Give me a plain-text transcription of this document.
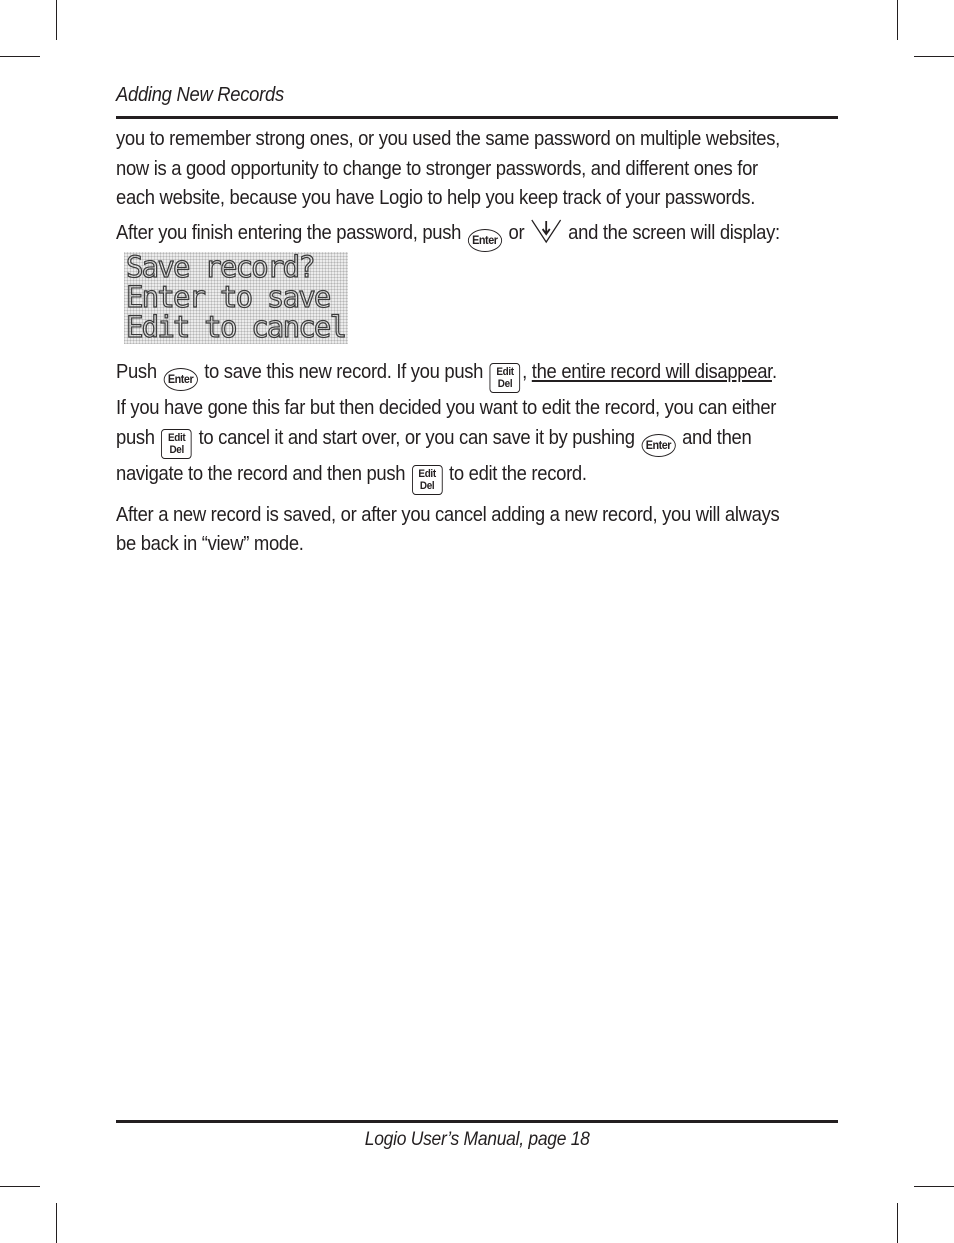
Adding New Records

you to remember strong ones, or you used the same password on multiple websites,
now is a good opportunity to change to stronger passwords, and different ones for
each website, because you have Logio to help you keep track of your passwords.

After you finish entering the password, push Enter or and the screen will display:

Save record?
Enter to save
Edit to cancel

Push Enter to save this new record. If you push	Edit
Del
, the entire record will disappear.
If you have gone this far but then decided you want to edit the record, you can either
push	Edit
Del
to cancel it and start over, or you can save it by pushing Enter and then
navigate to the record and then push	Edit
Del
to edit the record.

After a new record is saved, or after you cancel adding a new record, you will always
be back in “view” mode.

Logio User’s Manual, page 18
